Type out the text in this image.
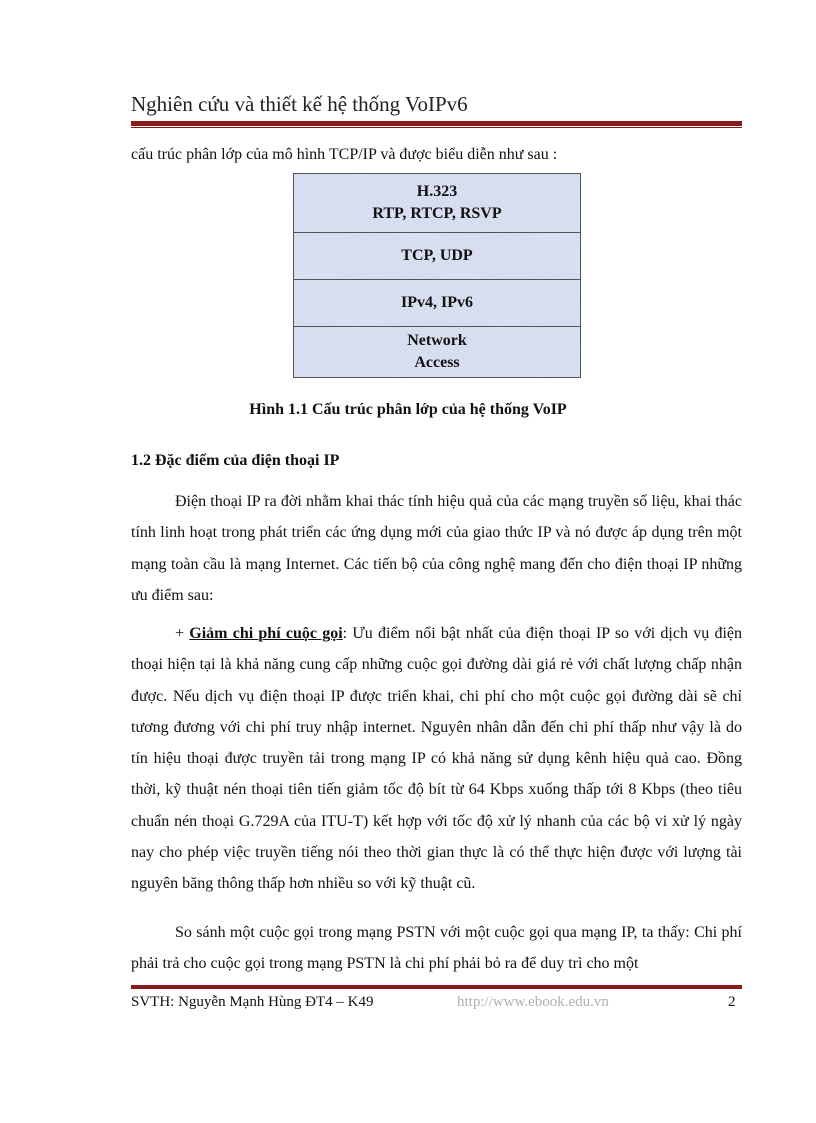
Nghiên cứu và thiết kế hệ thống VoIPv6
cấu trúc phân lớp của mô hình TCP/IP và được biểu diễn như sau :
H.323
RTP, RTCP, RSVP
TCP, UDP
IPv4, IPv6
Network
Access
Hình 1.1 Cấu trúc phân lớp của hệ thống VoIP
1.2 Đặc điểm của điện thoại IP

Điện thoại IP ra đời nhằm khai thác tính hiệu quả của các mạng truyền số liệu, khai thác tính linh hoạt trong phát triển các ứng dụng mới của giao thức IP và nó được áp dụng trên một mạng toàn cầu là mạng Internet. Các tiến bộ của công nghệ mang đến cho điện thoại IP những ưu điểm sau:

+ Giảm chi phí cuộc gọi: Ưu điểm nổi bật nhất của điện thoại IP so với dịch vụ điện thoại hiện tại là khả năng cung cấp những cuộc gọi đường dài giá rẻ với chất lượng chấp nhận được. Nếu dịch vụ điện thoại IP được triển khai, chi phí cho một cuộc gọi đường dài sẽ chỉ tương đương với chi phí truy nhập internet. Nguyên nhân dẫn đến chi phí thấp như vậy là do tín hiệu thoại được truyền tải trong mạng IP có khả năng sử dụng kênh hiệu quả cao. Đồng thời, kỹ thuật nén thoại tiên tiến giảm tốc độ bít từ 64 Kbps xuống thấp tới 8 Kbps (theo tiêu chuẩn nén thoại G.729A của ITU-T) kết hợp với tốc độ xử lý nhanh của các bộ vi xử lý ngày nay cho phép việc truyền tiếng nói theo thời gian thực là có thể thực hiện được với lượng tài nguyên băng thông thấp hơn nhiều so với kỹ thuật cũ.

So sánh một cuộc gọi trong mạng PSTN với một cuộc gọi qua mạng IP, ta thấy: Chi phí phải trả cho cuộc gọi trong mạng PSTN là chi phí phải bỏ ra để duy trì cho một

SVTH: Nguyễn Mạnh Hùng ĐT4 – K49	http://www.ebook.edu.vn	2
